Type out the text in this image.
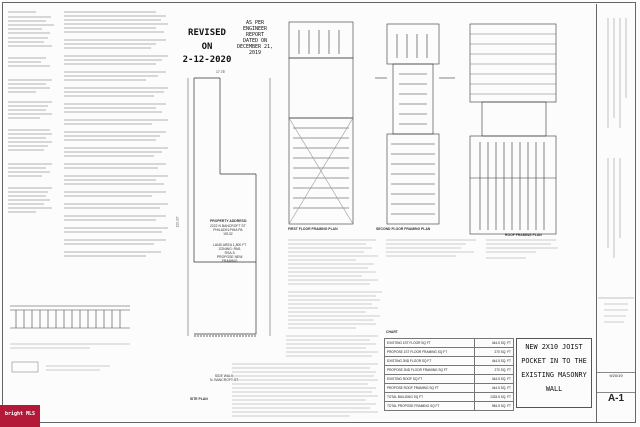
REVISED
ON
2-12-2020
AS PER
ENGINEER
REPORT
DATED ON
DECEMBER 21,
2019
17.75'
100.00'	PROPERTY ADDRESS:
2222 N BANCROFT ST
PHILADELPHIA PA
19132
LAND AREA 1,800 FT
ZONING: RM1
RSA-5
PROPOSE NEW
FRAMING
SIDE WALK
N. BANCROFT ST
SITE PLAN
FIRST FLOOR FRAMING PLAN	SECOND FLOOR FRAMING PLAN
ROOF FRAMING PLAN
CHART
EXISTING 1ST FLOOR SQ FT	444.5 SQ. FT
PROPOSE 1ST FLOOR FRAMING SQ FT	270 SQ. FT
EXISTING 2ND FLOOR SQ FT	444.5 SQ. FT
PROPOSE 2ND FLOOR FRAMING SQ FT	270 SQ. FT
EXISTING ROOF SQ FT	444.5 SQ. FT
PROPOSE ROOF FRAMING SQ FT	444.5 SQ. FT
TOTAL BUILDING SQ FT	1333.5 SQ. FT
TOTAL PROPOSE FRAMING SQ FT	984.5 SQ. FT
NEW 2X10 JOIST
POCKET IN TO THE
EXISTING MASONRY
WALL
9/20/19
A-1
bright MLS
